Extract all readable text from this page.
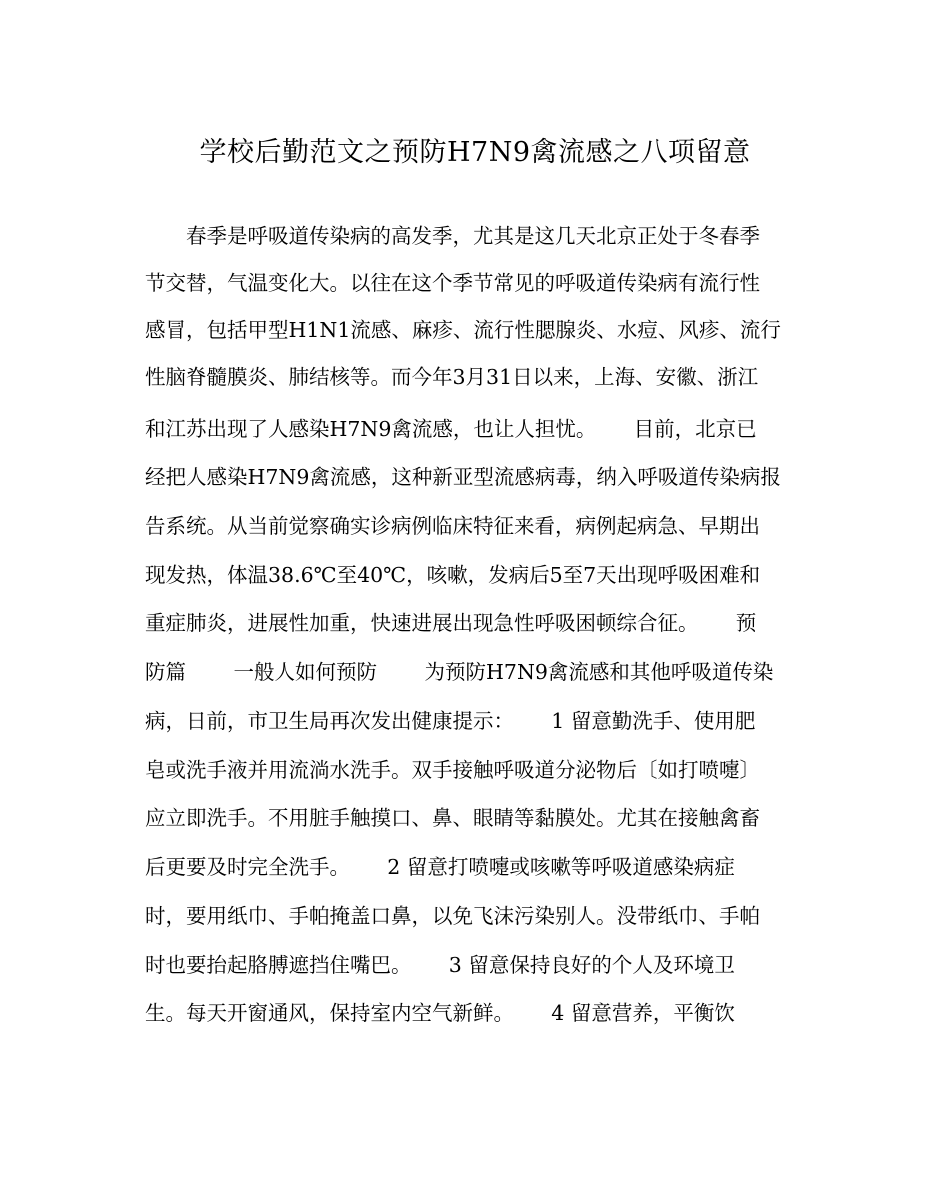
学校后勤范文之预防H7N9禽流感之八项留意
　　春季是呼吸道传染病的高发季，尤其是这几天北京正处于冬春季
节交替，气温变化大。以往在这个季节常见的呼吸道传染病有流行性
感冒，包括甲型H1N1流感、麻疹、流行性腮腺炎、水痘、风疹、流行
性脑脊髓膜炎、肺结核等。而今年3月31日以来，上海、安徽、浙江
和江苏出现了人感染H7N9禽流感，也让人担忧。　　 目前，北京已
经把人感染H7N9禽流感，这种新亚型流感病毒，纳入呼吸道传染病报
告系统。从当前觉察确实诊病例临床特征来看，病例起病急、早期出
现发热，体温38.6℃至40℃，咳嗽，发病后5至7天出现呼吸困难和
重症肺炎，进展性加重，快速进展出现急性呼吸困顿综合征。　　 预
防篇　　 一般人如何预防　　 为预防H7N9禽流感和其他呼吸道传染
病，日前，市卫生局再次发出健康提示：　　 1 留意勤洗手、使用肥
皂或洗手液并用流淌水洗手。双手接触呼吸道分泌物后〔如打喷嚏〕
应立即洗手。不用脏手触摸口、鼻、眼睛等黏膜处。尤其在接触禽畜
后更要及时完全洗手。　　 2 留意打喷嚏或咳嗽等呼吸道感染病症
时，要用纸巾、手帕掩盖口鼻，以免飞沫污染别人。没带纸巾、手帕
时也要抬起胳膊遮挡住嘴巴。　　 3 留意保持良好的个人及环境卫
生。每天开窗通风，保持室内空气新鲜。　　 4 留意营养，平衡饮
